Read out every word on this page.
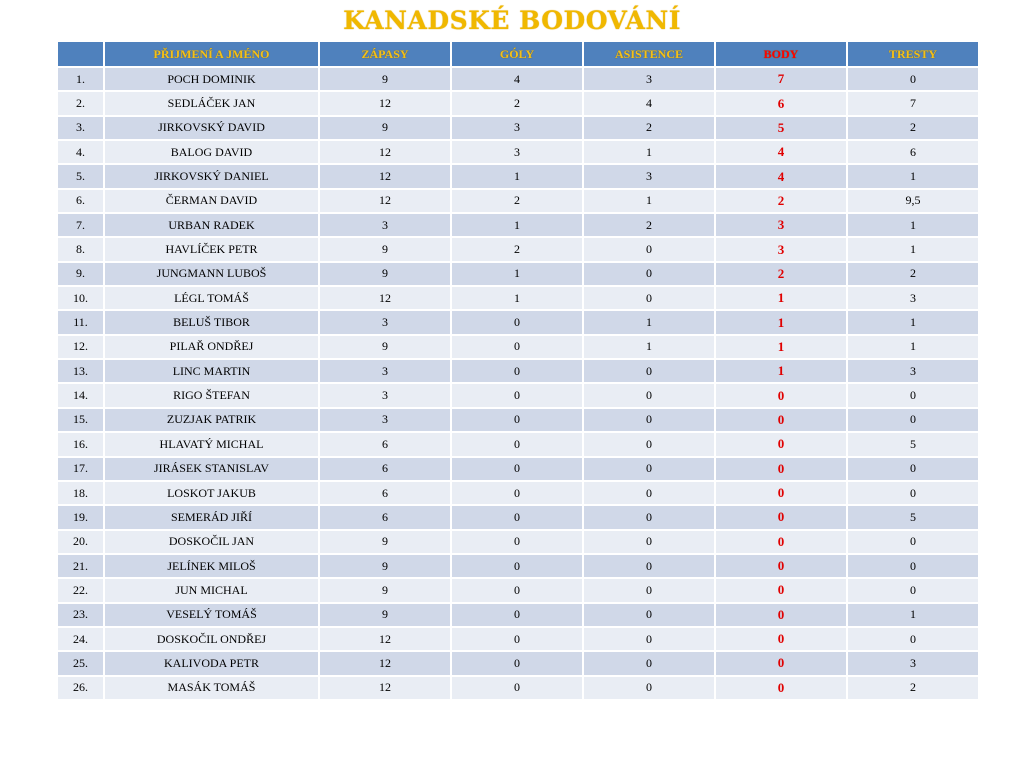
KANADSKÉ BODOVÁNÍ
	PŘIJMENÍ A JMÉNO	ZÁPASY	GÓLY	ASISTENCE	BODY	TRESTY
1.	POCH DOMINIK	9	4	3	7	0
2.	SEDLÁČEK JAN	12	2	4	6	7
3.	JIRKOVSKÝ DAVID	9	3	2	5	2
4.	BALOG DAVID	12	3	1	4	6
5.	JIRKOVSKÝ DANIEL	12	1	3	4	1
6.	ČERMAN DAVID	12	2	1	2	9,5
7.	URBAN RADEK	3	1	2	3	1
8.	HAVLÍČEK PETR	9	2	0	3	1
9.	JUNGMANN LUBOŠ	9	1	0	2	2
10.	LÉGL TOMÁŠ	12	1	0	1	3
11.	BELUŠ TIBOR	3	0	1	1	1
12.	PILAŘ ONDŘEJ	9	0	1	1	1
13.	LINC MARTIN	3	0	0	1	3
14.	RIGO ŠTEFAN	3	0	0	0	0
15.	ZUZJAK PATRIK	3	0	0	0	0
16.	HLAVATÝ MICHAL	6	0	0	0	5
17.	JIRÁSEK STANISLAV	6	0	0	0	0
18.	LOSKOT JAKUB	6	0	0	0	0
19.	SEMERÁD JIŘÍ	6	0	0	0	5
20.	DOSKOČIL JAN	9	0	0	0	0
21.	JELÍNEK MILOŠ	9	0	0	0	0
22.	JUN MICHAL	9	0	0	0	0
23.	VESELÝ TOMÁŠ	9	0	0	0	1
24.	DOSKOČIL ONDŘEJ	12	0	0	0	0
25.	KALIVODA PETR	12	0	0	0	3
26.	MASÁK TOMÁŠ	12	0	0	0	2
